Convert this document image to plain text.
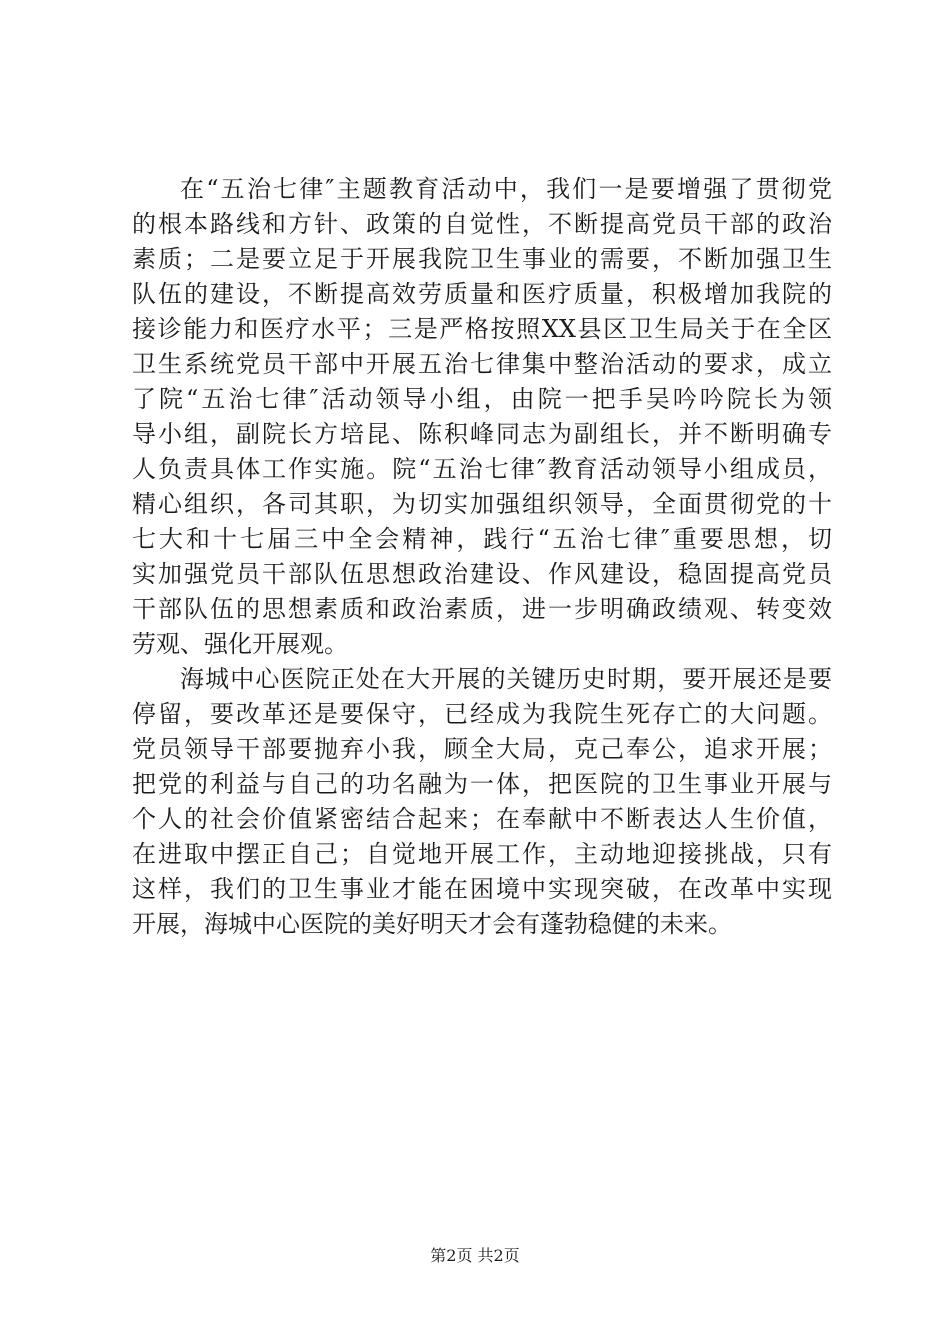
在“五治七律″主题教育活动中，我们一是要增强了贯彻党
的根本路线和方针、政策的自觉性，不断提高党员干部的政治
素质；二是要立足于开展我院卫生事业的需要，不断加强卫生
队伍的建设，不断提高效劳质量和医疗质量，积极增加我院的
接诊能力和医疗水平；三是严格按照XX县区卫生局关于在全区
卫生系统党员干部中开展五治七律集中整治活动的要求，成立
了院“五治七律″活动领导小组，由院一把手吴吟吟院长为领
导小组，副院长方培昆、陈积峰同志为副组长，并不断明确专
人负责具体工作实施。院“五治七律″教育活动领导小组成员，
精心组织，各司其职，为切实加强组织领导，全面贯彻党的十
七大和十七届三中全会精神，践行“五治七律″重要思想，切
实加强党员干部队伍思想政治建设、作风建设，稳固提高党员
干部队伍的思想素质和政治素质，进一步明确政绩观、转变效
劳观、强化开展观。
海城中心医院正处在大开展的关键历史时期，要开展还是要
停留，要改革还是要保守，已经成为我院生死存亡的大问题。
党员领导干部要抛弃小我，顾全大局，克己奉公，追求开展；
把党的利益与自己的功名融为一体，把医院的卫生事业开展与
个人的社会价值紧密结合起来；在奉献中不断表达人生价值，
在进取中摆正自己；自觉地开展工作，主动地迎接挑战，只有
这样，我们的卫生事业才能在困境中实现突破，在改革中实现
开展，海城中心医院的美好明天才会有蓬勃稳健的未来。
第2页 共2页
